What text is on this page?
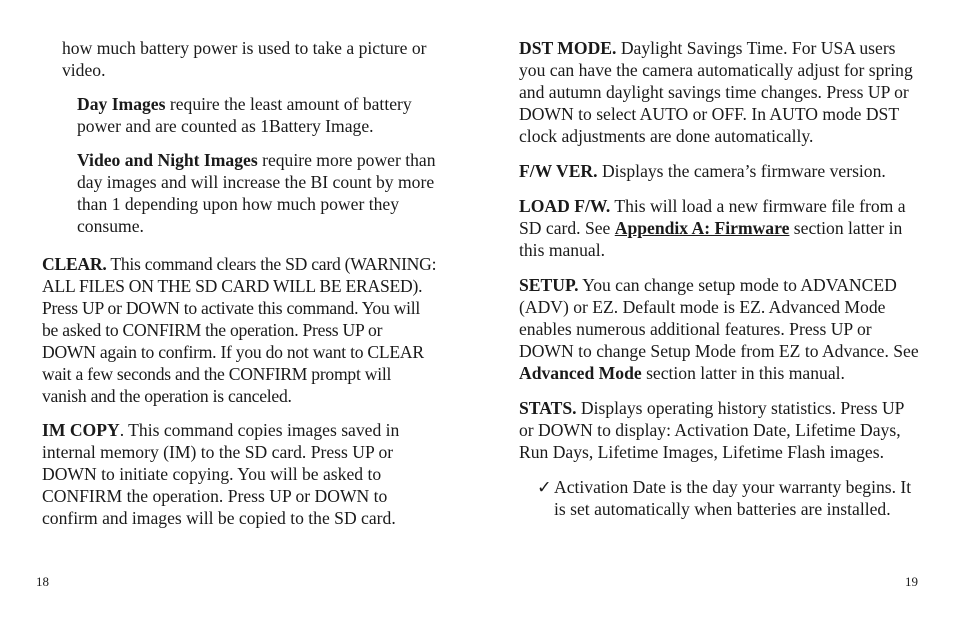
how much battery power is used to take a picture or video.

Day Images require the least amount of battery power and are counted as 1Battery Image.

Video and Night Images require more power than day images and will increase the BI count by more than 1 depending upon how much power they consume.

CLEAR. This command clears the SD card (WARNING: ALL FILES ON THE SD CARD WILL BE ERASED). Press UP or DOWN to activate this command. You will be asked to CONFIRM the operation. Press UP or DOWN again to confirm. If you do not want to CLEAR wait a few seconds and the CONFIRM prompt will vanish and the operation is canceled.

IM COPY. This command copies images saved in internal memory (IM) to the SD card. Press UP or DOWN to initiate copying. You will be asked to CONFIRM the operation. Press UP or DOWN to confirm and images will be copied to the SD card.

DST MODE. Daylight Savings Time. For USA users you can have the camera automatically adjust for spring and autumn daylight savings time changes. Press UP or DOWN to select AUTO or OFF. In AUTO mode DST clock adjustments are done automatically.

F/W VER. Displays the camera’s firmware version.

LOAD F/W. This will load a new firmware file from a SD card. See Appendix A: Firmware section latter in this manual.

SETUP. You can change setup mode to ADVANCED (ADV) or EZ. Default mode is EZ. Advanced Mode enables numerous additional features. Press UP or DOWN to change Setup Mode from EZ to Advance. See Advanced Mode section latter in this manual.

STATS. Displays operating history statistics. Press UP or DOWN to display: Activation Date, Lifetime Days, Run Days, Lifetime Images, Lifetime Flash images.

✓ Activation Date is the day your warranty begins. It is set automatically when batteries are installed.

18	19
